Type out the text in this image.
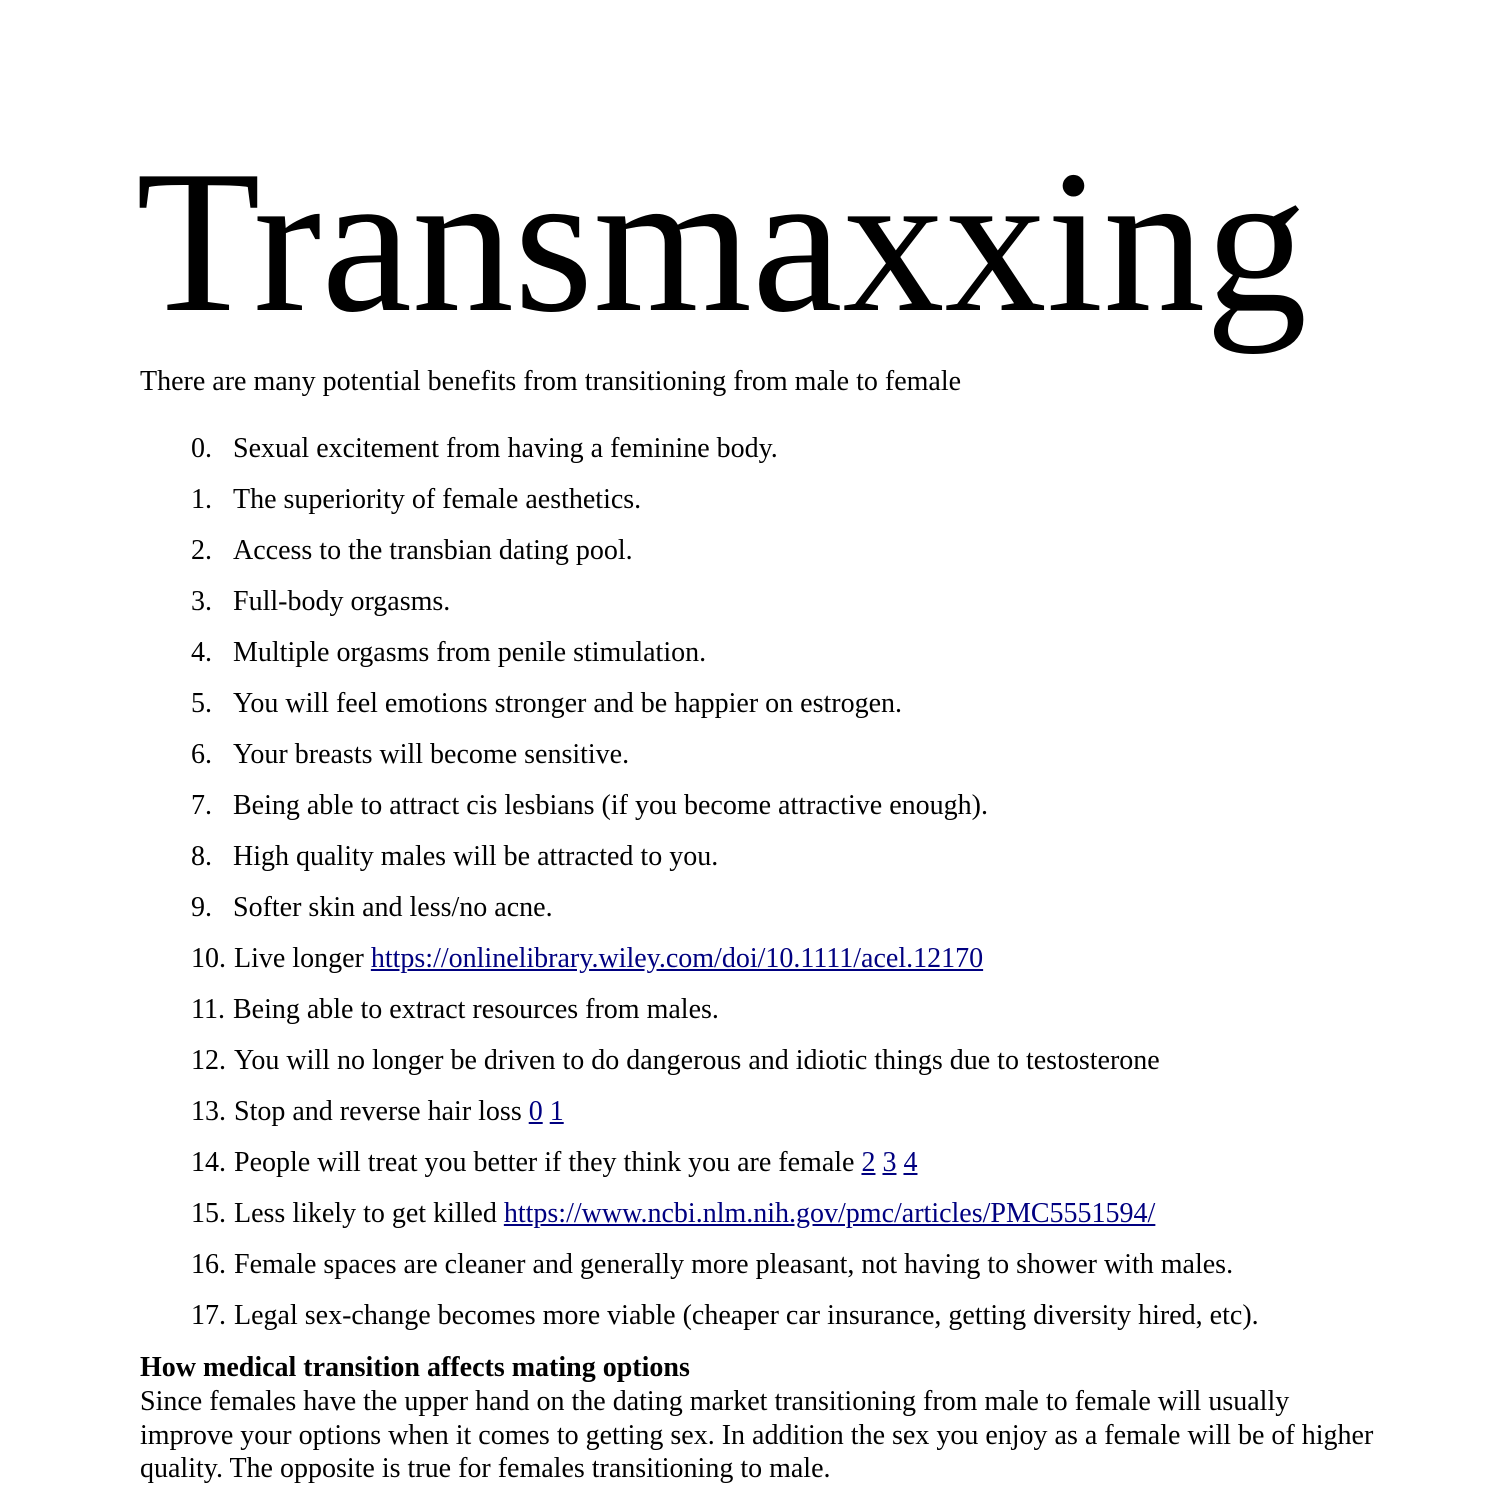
Transmaxxing
There are many potential benefits from transitioning from male to female
0. Sexual excitement from having a feminine body.
1. The superiority of female aesthetics.
2. Access to the transbian dating pool.
3. Full-body orgasms.
4. Multiple orgasms from penile stimulation.
5. You will feel emotions stronger and be happier on estrogen.
6. Your breasts will become sensitive.
7. Being able to attract cis lesbians (if you become attractive enough).
8. High quality males will be attracted to you.
9. Softer skin and less/no acne.
10. Live longer https://onlinelibrary.wiley.com/doi/10.1111/acel.12170
11. Being able to extract resources from males.
12. You will no longer be driven to do dangerous and idiotic things due to testosterone
13. Stop and reverse hair loss 0
1
14. People will treat you better if they think you are female 2
3
4
15. Less likely to get killed https://www.ncbi.nlm.nih.gov/pmc/articles/PMC5551594/
16. Female spaces are cleaner and generally more pleasant, not having to shower with males.
17. Legal sex-change becomes more viable (cheaper car insurance, getting diversity hired, etc).
How medical transition affects mating options

Since females have the upper hand on the dating market transitioning from male to female will usually improve your options when it comes to getting sex. In addition the sex you enjoy as a female will be of higher quality. The opposite is true for females transitioning to male.
